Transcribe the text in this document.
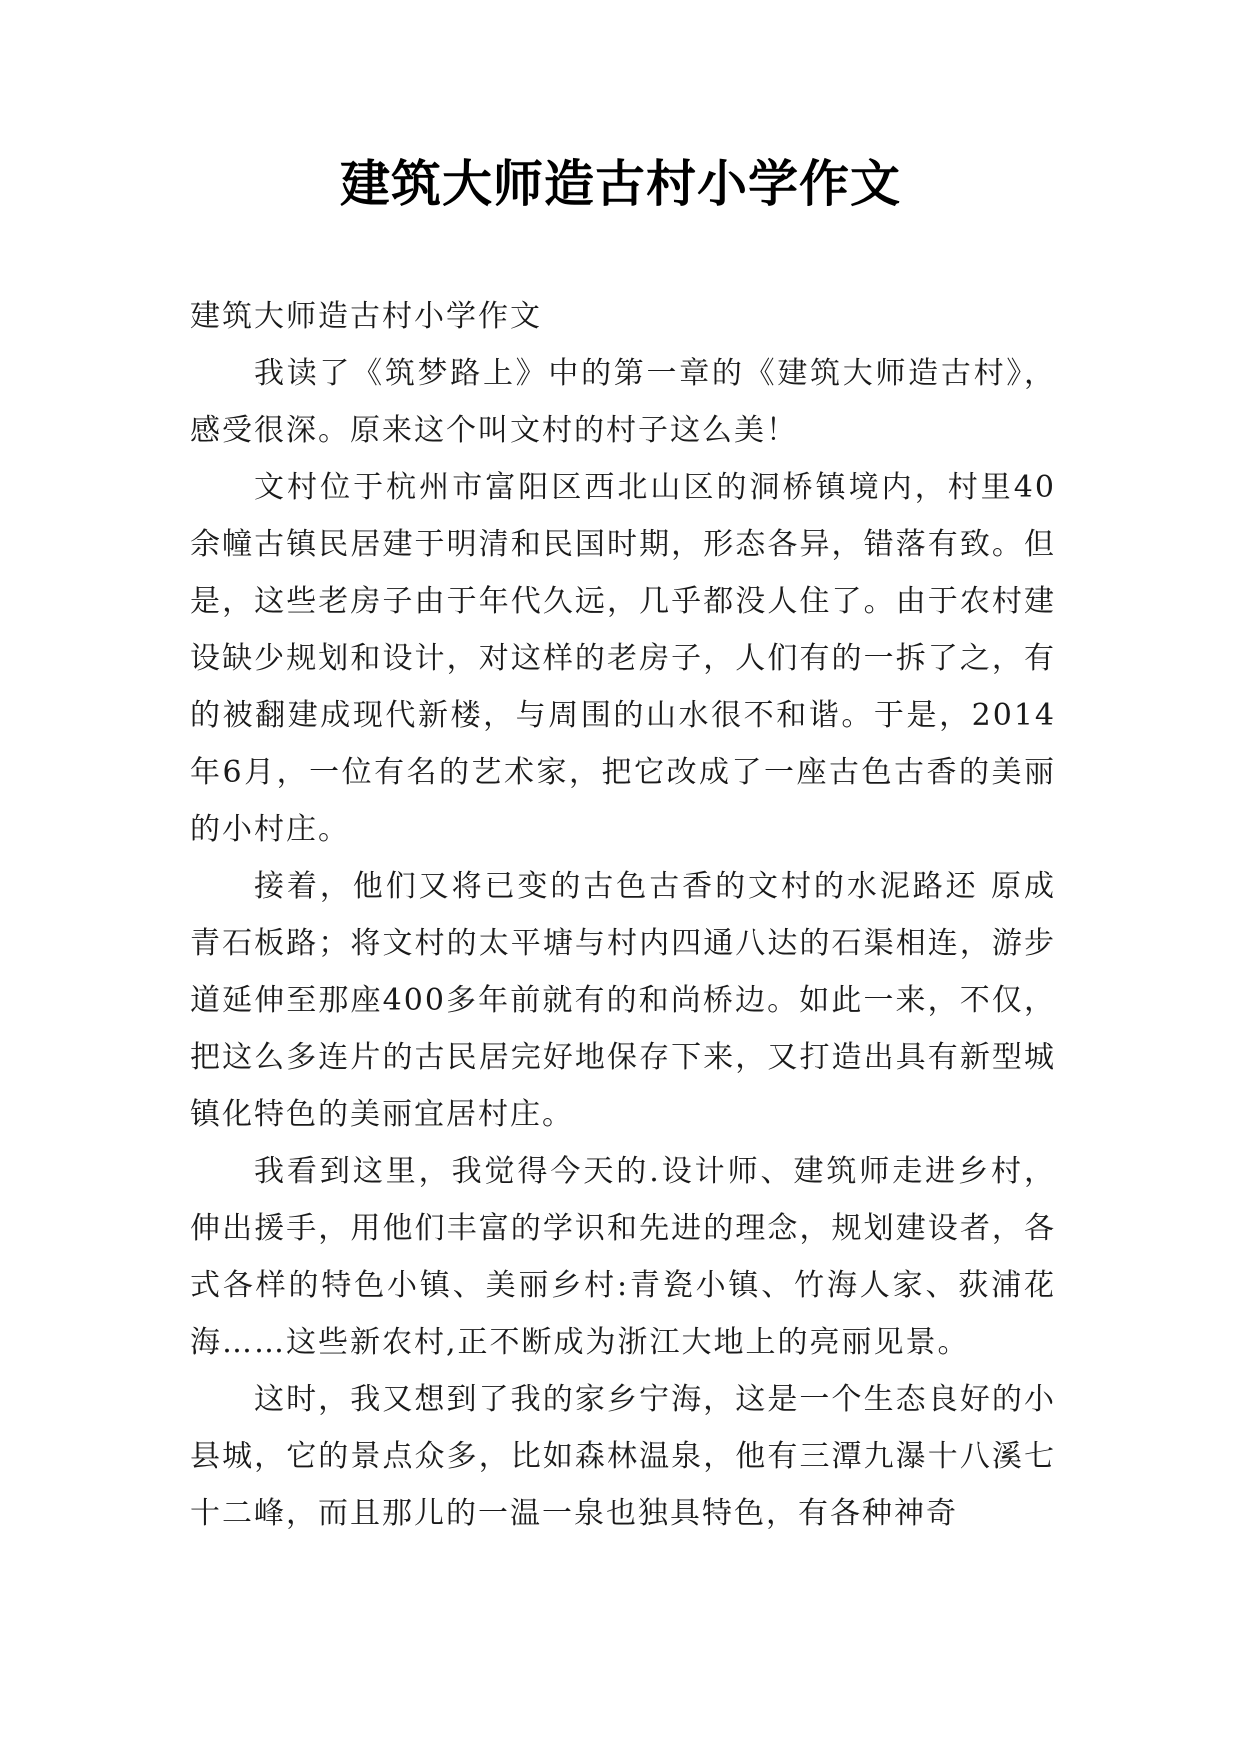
建筑大师造古村小学作文

建筑大师造古村小学作文

我读了《筑梦路上》中的第一章的《建筑大师造古村》，感受很深。原来这个叫文村的村子这么美！

文村位于杭州市富阳区西北山区的洞桥镇境内，村里40余幢古镇民居建于明清和民国时期，形态各异，错落有致。但是，这些老房子由于年代久远，几乎都没人住了。由于农村建设缺少规划和设计，对这样的老房子，人们有的一拆了之，有的被翻建成现代新楼，与周围的山水很不和谐。于是，2014年6月，一位有名的艺术家，把它改成了一座古色古香的美丽的小村庄。

接着，他们又将已变的古色古香的文村的水泥路还 原成青石板路；将文村的太平塘与村内四通八达的石渠相连，游步道延伸至那座400多年前就有的和尚桥边。如此一来，不仅，把这么多连片的古民居完好地保存下来，又打造出具有新型城镇化特色的美丽宜居村庄。

我看到这里，我觉得今天的.设计师、建筑师走进乡村，伸出援手，用他们丰富的学识和先进的理念，规划建设者，各式各样的特色小镇、美丽乡村:青瓷小镇、竹海人家、荻浦花海……这些新农村,正不断成为浙江大地上的亮丽见景。

这时，我又想到了我的家乡宁海，这是一个生态良好的小县城，它的景点众多，比如森林温泉，他有三潭九瀑十八溪七十二峰，而且那儿的一温一泉也独具特色，有各种神奇
